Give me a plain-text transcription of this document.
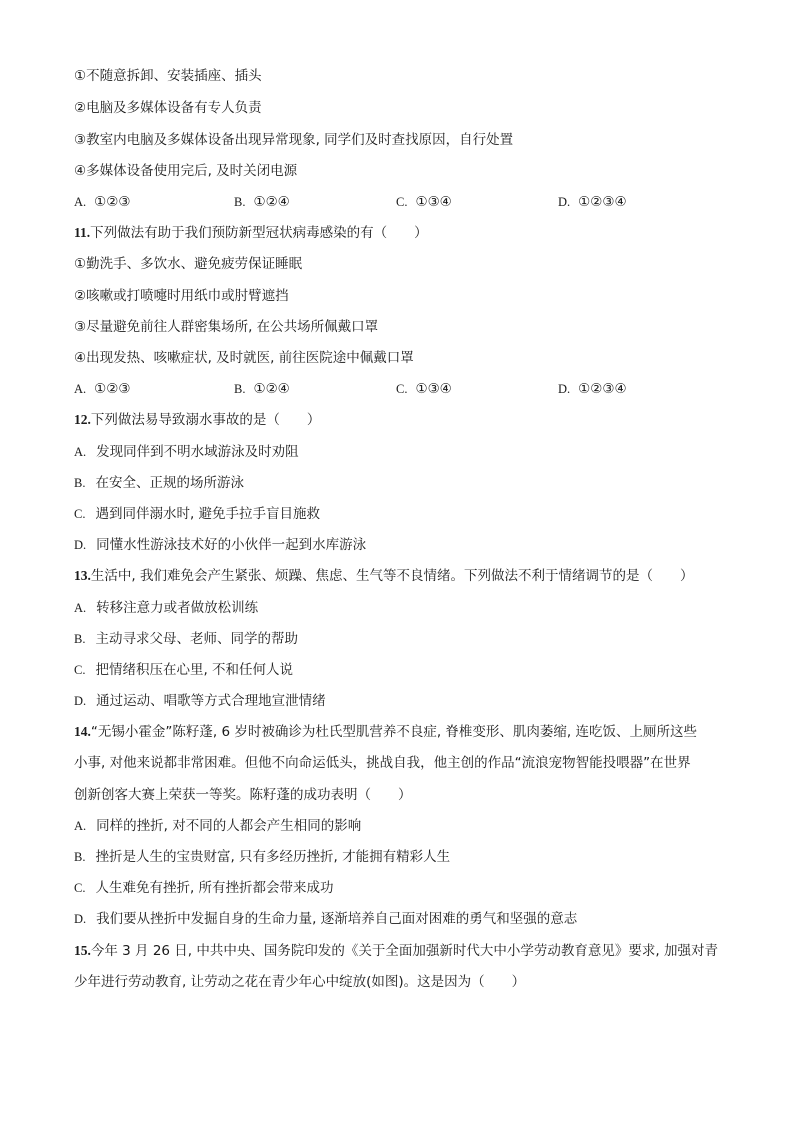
①不随意拆卸、安装插座、插头
②电脑及多媒体设备有专人负责
③教室内电脑及多媒体设备出现异常现象, 同学们及时查找原因，自行处置
④多媒体设备使用完后, 及时关闭电源
A. ①②③	B. ①②④	C. ①③④	D. ①②③④
11.下列做法有助于我们预防新型冠状病毒感染的有（　　）
①勤洗手、多饮水、避免疲劳保证睡眠
②咳嗽或打喷嚏时用纸巾或肘臂遮挡
③尽量避免前往人群密集场所, 在公共场所佩戴口罩
④出现发热、咳嗽症状, 及时就医, 前往医院途中佩戴口罩
A. ①②③	B. ①②④	C. ①③④	D. ①②③④
12.下列做法易导致溺水事故的是（　　）
A. 发现同伴到不明水域游泳及时劝阻
B. 在安全、正规的场所游泳
C. 遇到同伴溺水时, 避免手拉手盲目施救
D. 同懂水性游泳技术好的小伙伴一起到水库游泳
13.生活中, 我们难免会产生紧张、烦躁、焦虑、生气等不良情绪。下列做法不利于情绪调节的是（　　）
A. 转移注意力或者做放松训练
B. 主动寻求父母、老师、同学的帮助
C. 把情绪积压在心里, 不和任何人说
D. 通过运动、唱歌等方式合理地宣泄情绪
14.“无锡小霍金”陈籽蓬, 6 岁时被确诊为杜氏型肌营养不良症, 脊椎变形、肌肉萎缩, 连吃饭、上厕所这些
小事, 对他来说都非常困难。但他不向命运低头，挑战自我，他主创的作品“流浪宠物智能投喂器”在世界
创新创客大赛上荣获一等奖。陈籽蓬的成功表明（　　）
A. 同样的挫折, 对不同的人都会产生相同的影响
B. 挫折是人生的宝贵财富, 只有多经历挫折, 才能拥有精彩人生
C. 人生难免有挫折, 所有挫折都会带来成功
D. 我们要从挫折中发掘自身的生命力量, 逐渐培养自己面对困难的勇气和坚强的意志
15.今年 3 月 26 日, 中共中央、国务院印发的《关于全面加强新时代大中小学劳动教育意见》要求, 加强对青
少年进行劳动教育, 让劳动之花在青少年心中绽放(如图)。这是因为（　　）
